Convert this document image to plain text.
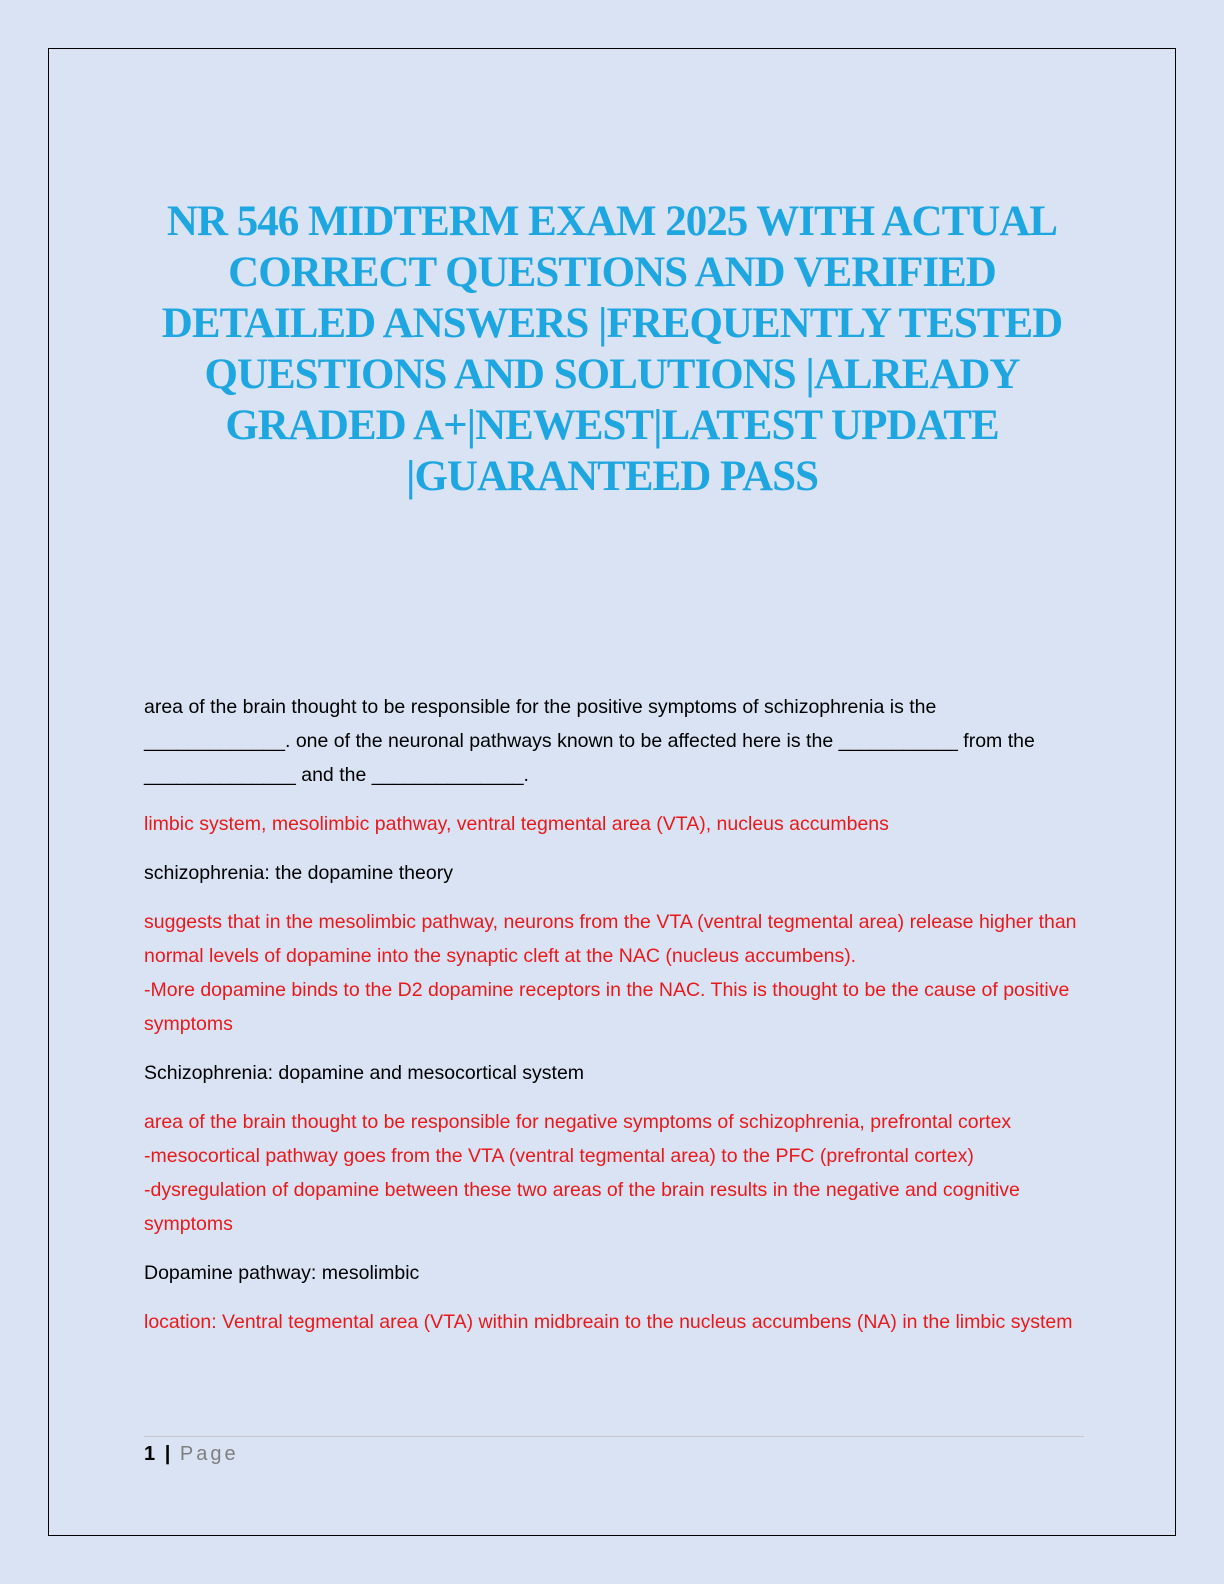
NR 546 MIDTERM EXAM 2025 WITH ACTUAL CORRECT QUESTIONS AND VERIFIED DETAILED ANSWERS |FREQUENTLY TESTED QUESTIONS AND SOLUTIONS |ALREADY GRADED A+|NEWEST|LATEST UPDATE |GUARANTEED PASS
area of the brain thought to be responsible for the positive symptoms of schizophrenia is the _____________. one of the neuronal pathways known to be affected here is the ___________ from the ______________ and the ______________.
limbic system, mesolimbic pathway, ventral tegmental area (VTA), nucleus accumbens
schizophrenia: the dopamine theory
suggests that in the mesolimbic pathway, neurons from the VTA (ventral tegmental area) release higher than normal levels of dopamine into the synaptic cleft at the NAC (nucleus accumbens).
-More dopamine binds to the D2 dopamine receptors in the NAC. This is thought to be the cause of positive symptoms
Schizophrenia: dopamine and mesocortical system
area of the brain thought to be responsible for negative symptoms of schizophrenia, prefrontal cortex
-mesocortical pathway goes from the VTA (ventral tegmental area) to the PFC (prefrontal cortex)
-dysregulation of dopamine between these two areas of the brain results in the negative and cognitive symptoms
Dopamine pathway: mesolimbic
location: Ventral tegmental area (VTA) within midbreain to the nucleus accumbens (NA) in the limbic system
1 | Page
